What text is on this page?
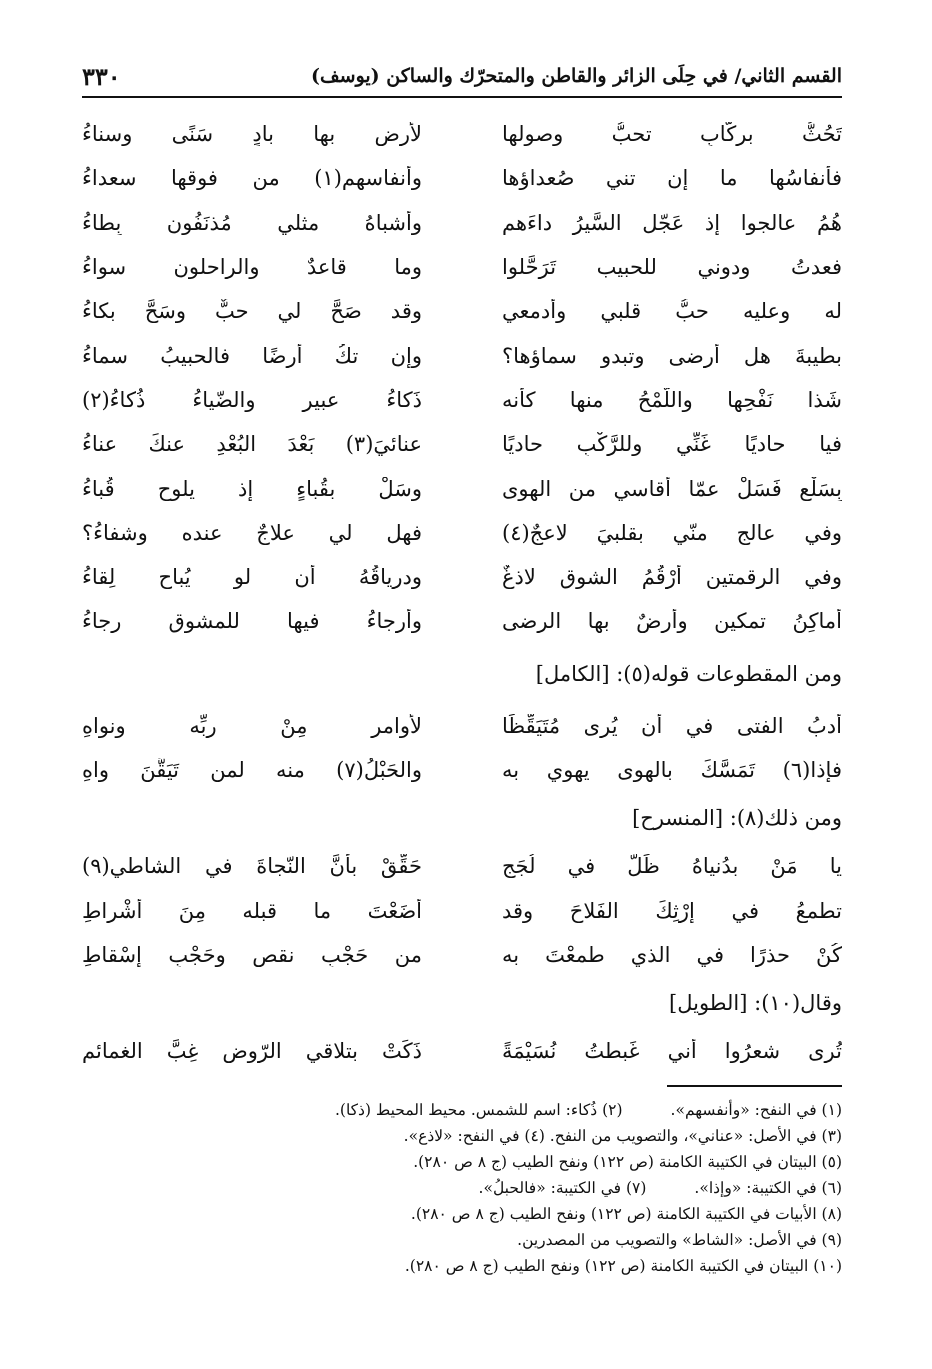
القسم الثاني/ في حِلَى الزائر والقاطن والمتحرّك والساكن (يوسف)
٣٣٠
تَحُثُّ بركّابٍ تحبُّ وصولها
لأرضٍ بها بادٍ سَنًى وسناءُ
فأنفاسُها ما إن تني صُعداؤها
وأنفاسهم(١) من فوقها سعداءُ
هُمُ عالجوا إذ عَجّل السَّيرُ داءَهم
وأشباهُ مثلي مُذنَفُون بِطاءُ
فعدتُ ودوني للحبيب تَرَحَّلوا
وما قاعدٌ والراحلون سواءُ
له وعليه حبُّ قلبي وأدمعي
وقد صَحَّ لي حبٌّ وسَحَّ بكاءُ
بطيبةَ هل أرضى وتبدو سماؤها؟
وإن تكُ أرضًا فالحبيبُ سماءُ
شَذا نَفْحِها واللَّمْحُ منها كأنه
ذَكاءُ عبيرٍ والضّياءُ ذُكاءُ(٢)
فيا حاديًا غَنِّي وللرَّكْبِ حاديًا
عنائيَ(٣) بَعْدَ البُعْدِ عنكَ عناءُ
بِسَلْعٍ فَسَلْ عمّا أُقاسي من الهوى
وسَلْ بقُباءٍ إذ يلوح قُباءُ
وفي عالجٍ منّي بقلبيَ لاعجٌ(٤)
فهل لي علاجٌ عنده وشفاءُ؟
وفي الرقمتين أرْقُمُ الشوق لاذغٌ
ودرياقُهُ أن لو يُباح لِقاءُ
أماكِنُ تمكينٍ وأرضٌ بها الرضى
وأرجاءُ فيها للمشوقِ رجاءُ
ومن المقطوعات قوله(٥): [الكامل]
أدبُ الفتى في أن يُرى مُتَيَقِّظًا
لأوامرٍ مِنْ ربِّه ونواهِ
فإذا(٦) تَمَسَّكَ بالهوى يهوي به
والحَبْلُ(٧) منه لمن تَيَقَّنَ واهِ
ومن ذلك(٨): [المنسرح]
يا مَنْ بدُنياهُ ظَلَّ في لُجَجِ
حَقِّقْ بأنَّ النّجاةَ في الشاطي(٩)
تطمعُ في إِرْثِكَ الفَلاحَ وقد
أضَعْتَ ما قبله مِنَ أشْراطِ
كُنْ حذرًا في الذي طمعْتَ به
من حَجْبِ نقصٍ وحَجْبِ إسْقاطِ
وقال(١٠): [الطويل]
تُرى شعرُوا أني غَبطتُ نُسَيْمَةً
ذَكَتْ بتلاقي الرّوض غِبَّ الغمائمِ
(١) في النفح: «وأنفسهم».
(٢) ذُكاء: اسم للشمس. محيط المحيط (ذكا).
(٣) في الأصل: «عناني»، والتصويب من النفح. (٤) في النفح: «لاذع».
(٥) البيتان في الكتيبة الكامنة (ص ١٢٢) ونفح الطيب (ج ٨ ص ٢٨٠).
(٦) في الكتيبة: «وإذا».
(٧) في الكتيبة: «فالحبلُ».
(٨) الأبيات في الكتيبة الكامنة (ص ١٢٢) ونفح الطيب (ج ٨ ص ٢٨٠).
(٩) في الأصل: «الشاط» والتصويب من المصدرين.
(١٠) البيتان في الكتيبة الكامنة (ص ١٢٢) ونفح الطيب (ج ٨ ص ٢٨٠).
